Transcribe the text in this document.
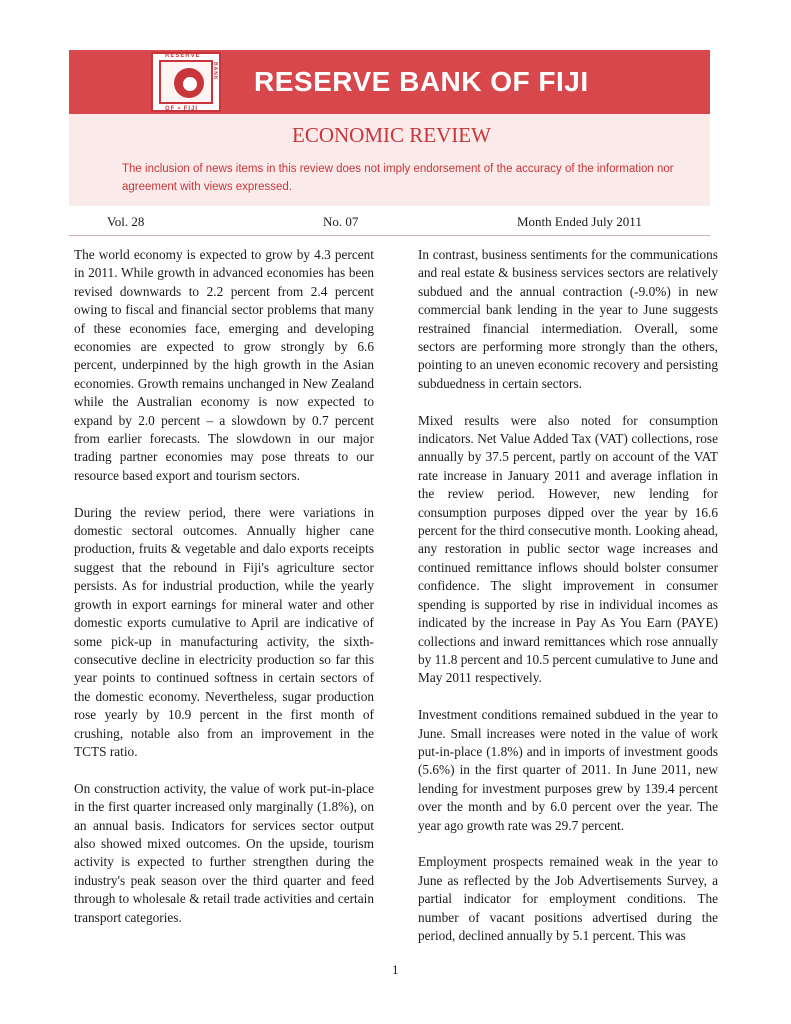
RESERVE
BANK
OF • FIJI
RESERVE BANK OF FIJI
ECONOMIC REVIEW
The inclusion of news items in this review does not imply endorsement of the accuracy of the information nor agreement with views expressed.
Vol. 28	No. 07	Month Ended July 2011

The world economy is expected to grow by 4.3 percent in 2011. While growth in advanced economies has been revised downwards to 2.2 percent from 2.4 percent owing to fiscal and financial sector problems that many of these economies face, emerging and developing economies are expected to grow strongly by 6.6 percent, underpinned by the high growth in the Asian economies. Growth remains unchanged in New Zealand while the Australian economy is now expected to expand by 2.0 percent – a slowdown by 0.7 percent from earlier forecasts. The slowdown in our major trading partner economies may pose threats to our resource based export and tourism sectors.

During the review period, there were variations in domestic sectoral outcomes. Annually higher cane production, fruits & vegetable and dalo exports receipts suggest that the rebound in Fiji's agriculture sector persists. As for industrial production, while the yearly growth in export earnings for mineral water and other domestic exports cumulative to April are indicative of some pick-up in manufacturing activity, the sixth-consecutive decline in electricity production so far this year points to continued softness in certain sectors of the domestic economy. Nevertheless, sugar production rose yearly by 10.9 percent in the first month of crushing, notable also from an improvement in the TCTS ratio.

On construction activity, the value of work put-in-place in the first quarter increased only marginally (1.8%), on an annual basis. Indicators for services sector output also showed mixed outcomes. On the upside, tourism activity is expected to further strengthen during the industry's peak season over the third quarter and feed through to wholesale & retail trade activities and certain transport categories.

In contrast, business sentiments for the communications and real estate & business services sectors are relatively subdued and the annual contraction (-9.0%) in new commercial bank lending in the year to June suggests restrained financial intermediation. Overall, some sectors are performing more strongly than the others, pointing to an uneven economic recovery and persisting subduedness in certain sectors.

Mixed results were also noted for consumption indicators. Net Value Added Tax (VAT) collections, rose annually by 37.5 percent, partly on account of the VAT rate increase in January 2011 and average inflation in the review period. However, new lending for consumption purposes dipped over the year by 16.6 percent for the third consecutive month. Looking ahead, any restoration in public sector wage increases and continued remittance inflows should bolster consumer confidence. The slight improvement in consumer spending is supported by rise in individual incomes as indicated by the increase in Pay As You Earn (PAYE) collections and inward remittances which rose annually by 11.8 percent and 10.5 percent cumulative to June and May 2011 respectively.

Investment conditions remained subdued in the year to June. Small increases were noted in the value of work put-in-place (1.8%) and in imports of investment goods (5.6%) in the first quarter of 2011. In June 2011, new lending for investment purposes grew by 139.4 percent over the month and by 6.0 percent over the year. The year ago growth rate was 29.7 percent.

Employment prospects remained weak in the year to June as reflected by the Job Advertisements Survey, a partial indicator for employment conditions. The number of vacant positions advertised during the period, declined annually by 5.1 percent. This was

1
